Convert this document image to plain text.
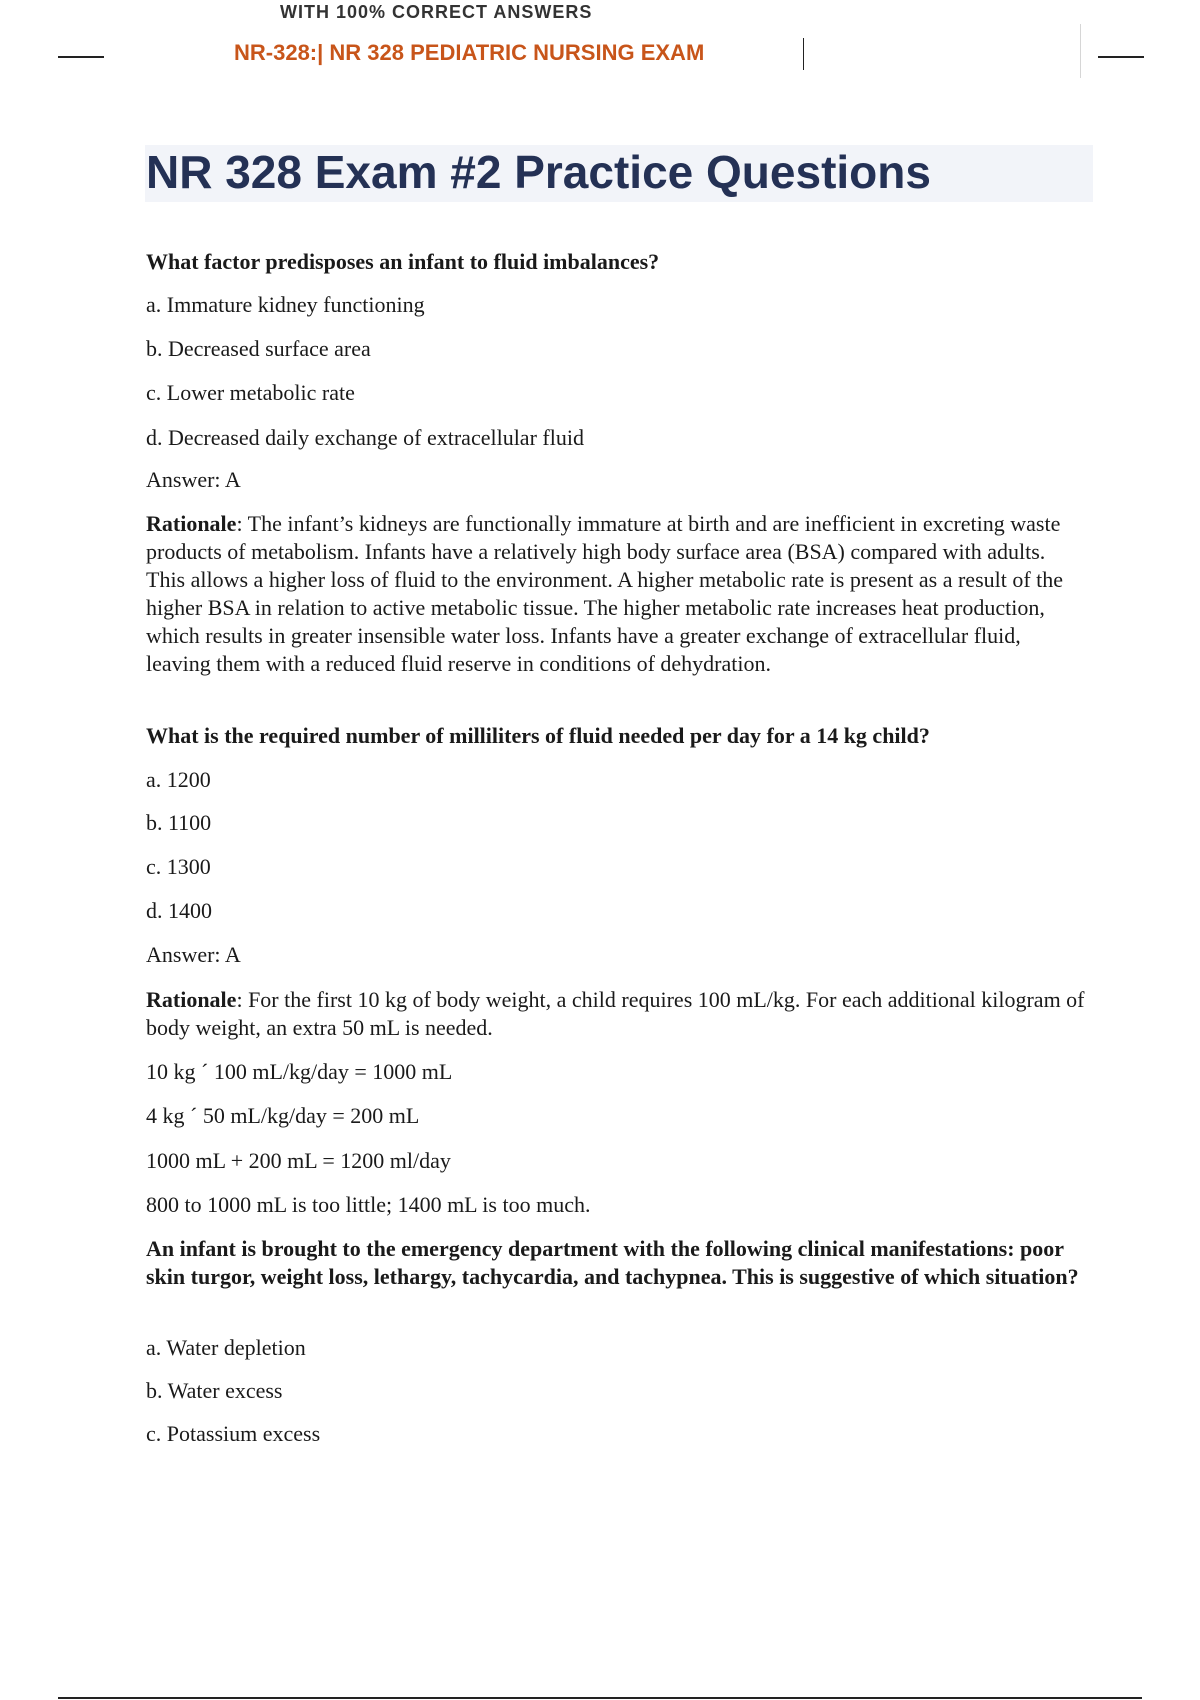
WITH 100% CORRECT ANSWERS
NR-328:| NR 328 PEDIATRIC NURSING EXAM
NR 328 Exam #2 Practice Questions
What factor predisposes an infant to fluid imbalances?
a. Immature kidney functioning
b. Decreased surface area
c. Lower metabolic rate
d. Decreased daily exchange of extracellular fluid
Answer: A
Rationale: The infant’s kidneys are functionally immature at birth and are inefficient in excreting waste products of metabolism. Infants have a relatively high body surface area (BSA) compared with adults. This allows a higher loss of fluid to the environment. A higher metabolic rate is present as a result of the higher BSA in relation to active metabolic tissue. The higher metabolic rate increases heat production, which results in greater insensible water loss. Infants have a greater exchange of extracellular fluid, leaving them with a reduced fluid reserve in conditions of dehydration.
What is the required number of milliliters of fluid needed per day for a 14 kg child?
a. 1200
b. 1100
c. 1300
d. 1400
Answer: A
Rationale: For the first 10 kg of body weight, a child requires 100 mL/kg. For each additional kilogram of body weight, an extra 50 mL is needed.
10 kg ´ 100 mL/kg/day = 1000 mL
4 kg ´ 50 mL/kg/day = 200 mL
1000 mL + 200 mL = 1200 ml/day
800 to 1000 mL is too little; 1400 mL is too much.
An infant is brought to the emergency department with the following clinical manifestations: poor skin turgor, weight loss, lethargy, tachycardia, and tachypnea. This is suggestive of which situation?
a. Water depletion
b. Water excess
c. Potassium excess
